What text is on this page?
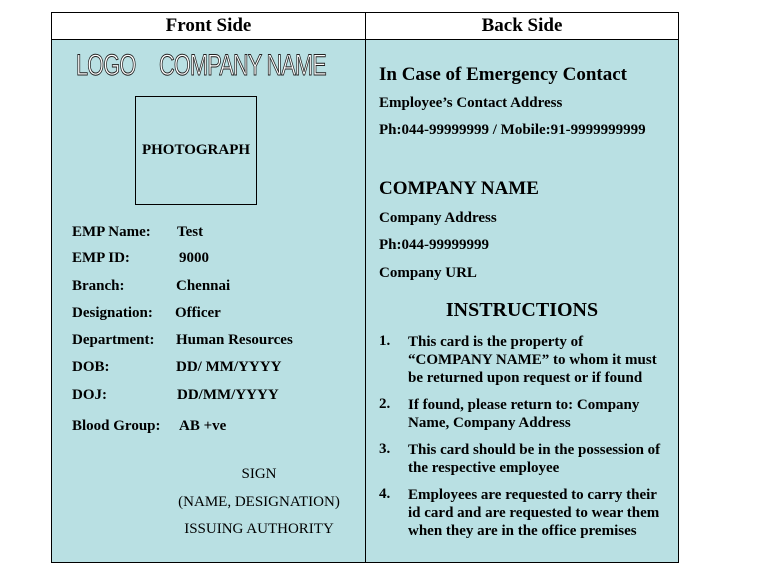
Front Side	Back Side
LOGO COMPANY NAME
PHOTOGRAPH
EMP Name: Test
EMP ID:	9000
Branch:	Chennai
Designation: Officer
Department: Human Resources
DOB:	DD/ MM/YYYY
DOJ:	DD/MM/YYYY
Blood Group: AB +ve
SIGN
(NAME, DESIGNATION)
ISSUING AUTHORITY
In Case of Emergency Contact
Employee’s Contact Address
Ph:044-99999999 / Mobile:91-9999999999
COMPANY NAME
Company Address
Ph:044-99999999
Company URL
INSTRUCTIONS
1. This card is the property of “COMPANY NAME” to whom it must be returned upon request or if found
2. If found, please return to: Company Name, Company Address
3. This card should be in the possession of the respective employee
4. Employees are requested to carry their id card and are requested to wear them when they are in the office premises
